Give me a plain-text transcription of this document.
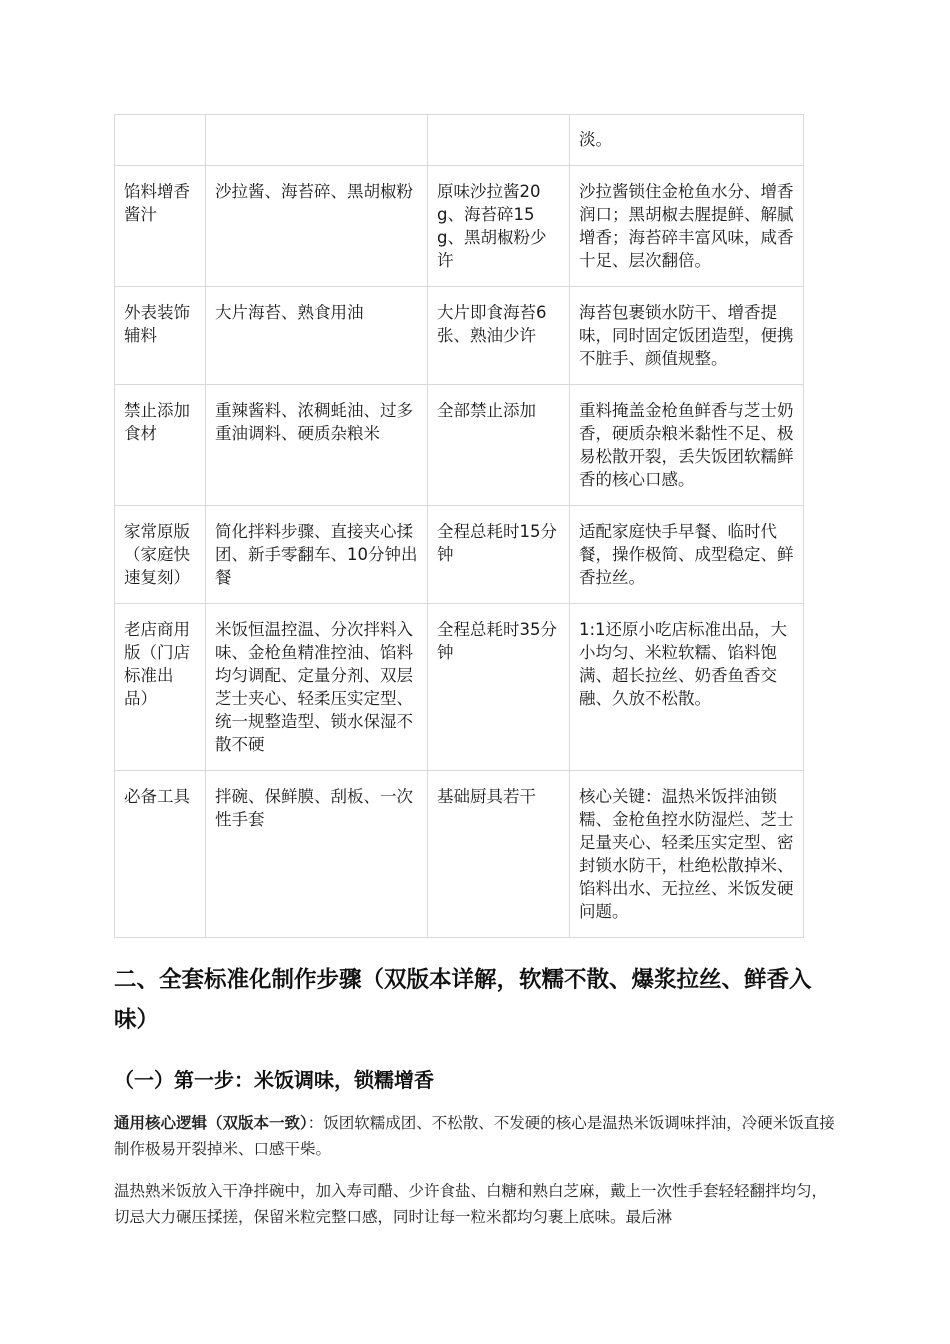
			淡。
馅料增香酱汁	沙拉酱、海苔碎、黑胡椒粉	原味沙拉酱20g、海苔碎15g、黑胡椒粉少许	沙拉酱锁住金枪鱼水分、增香润口；黑胡椒去腥提鲜、解腻增香；海苔碎丰富风味，咸香十足、层次翻倍。
外表装饰辅料	大片海苔、熟食用油	大片即食海苔6张、熟油少许	海苔包裹锁水防干、增香提味，同时固定饭团造型，便携不脏手、颜值规整。
禁止添加食材	重辣酱料、浓稠蚝油、过多重油调料、硬质杂粮米	全部禁止添加	重料掩盖金枪鱼鲜香与芝士奶香，硬质杂粮米黏性不足、极易松散开裂，丢失饭团软糯鲜香的核心口感。
家常原版（家庭快速复刻）	简化拌料步骤、直接夹心揉团、新手零翻车、10分钟出餐	全程总耗时15分钟	适配家庭快手早餐、临时代餐，操作极简、成型稳定、鲜香拉丝。
老店商用版（门店标准出品）	米饭恒温控温、分次拌料入味、金枪鱼精准控油、馅料均匀调配、定量分剂、双层芝士夹心、轻柔压实定型、统一规整造型、锁水保湿不散不硬	全程总耗时35分钟	1:1还原小吃店标准出品，大小均匀、米粒软糯、馅料饱满、超长拉丝、奶香鱼香交融、久放不松散。
必备工具	拌碗、保鲜膜、刮板、一次性手套	基础厨具若干	核心关键：温热米饭拌油锁糯、金枪鱼控水防湿烂、芝士足量夹心、轻柔压实定型、密封锁水防干，杜绝松散掉米、馅料出水、无拉丝、米饭发硬问题。
二、全套标准化制作步骤（双版本详解，软糯不散、爆浆拉丝、鲜香入味）
（一）第一步：米饭调味，锁糯增香

通用核心逻辑（双版本一致）：饭团软糯成团、不松散、不发硬的核心是温热米饭调味拌油，冷硬米饭直接制作极易开裂掉米、口感干柴。

温热熟米饭放入干净拌碗中，加入寿司醋、少许食盐、白糖和熟白芝麻，戴上一次性手套轻轻翻拌均匀，切忌大力碾压揉搓，保留米粒完整口感，同时让每一粒米都均匀裹上底味。最后淋
